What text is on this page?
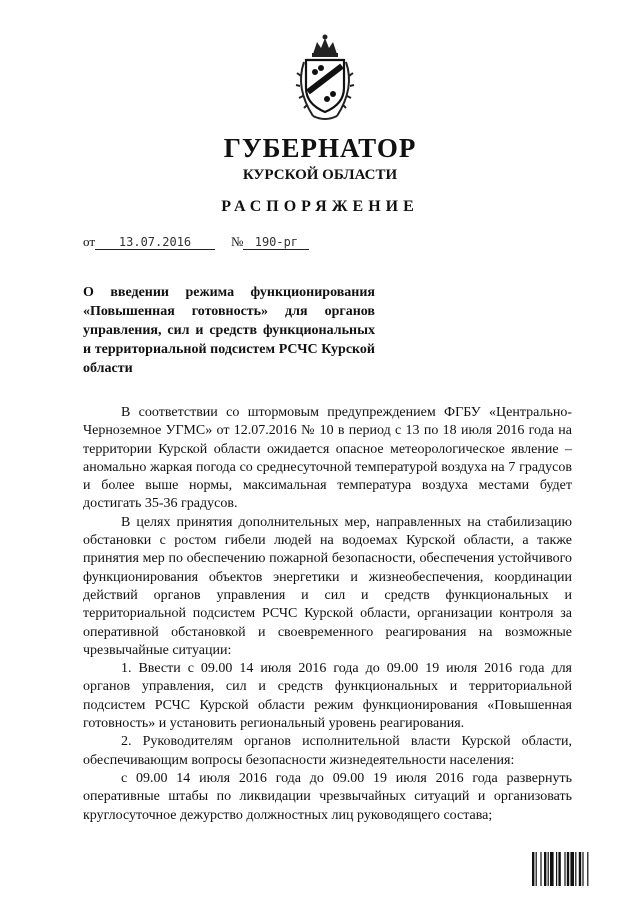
ГУБЕРНАТОР
КУРСКОЙ ОБЛАСТИ
РАСПОРЯЖЕНИЕ
от 13.07.2016	№ 190-рг

О введении режима функционирования «Повышенная готовность» для органов управления, сил и средств функциональных и территориальной подсистем РСЧС Курской области

В соответствии со штормовым предупреждением ФГБУ «Центрально-Черноземное УГМС» от 12.07.2016 № 10 в период с 13 по 18 июля 2016 года на территории Курской области ожидается опасное метеорологическое явление – аномально жаркая погода со среднесуточной температурой воздуха на 7 градусов и более выше нормы, максимальная температура воздуха местами будет достигать 35-36 градусов.

В целях принятия дополнительных мер, направленных на стабилизацию обстановки с ростом гибели людей на водоемах Курской области, а также принятия мер по обеспечению пожарной безопасности, обеспечения устойчивого функционирования объектов энергетики и жизнеобеспечения, координации действий органов управления и сил и средств функциональных и территориальной подсистем РСЧС Курской области, организации контроля за оперативной обстановкой и своевременного реагирования на возможные чрезвычайные ситуации:

1. Ввести с 09.00 14 июля 2016 года до 09.00 19 июля 2016 года для органов управления, сил и средств функциональных и территориальной подсистем РСЧС Курской области режим функционирования «Повышенная готовность» и установить региональный уровень реагирования.

2. Руководителям органов исполнительной власти Курской области, обеспечивающим вопросы безопасности жизнедеятельности населения:

с 09.00 14 июля 2016 года до 09.00 19 июля 2016 года развернуть оперативные штабы по ликвидации чрезвычайных ситуаций и организовать круглосуточное дежурство должностных лиц руководящего состава;
